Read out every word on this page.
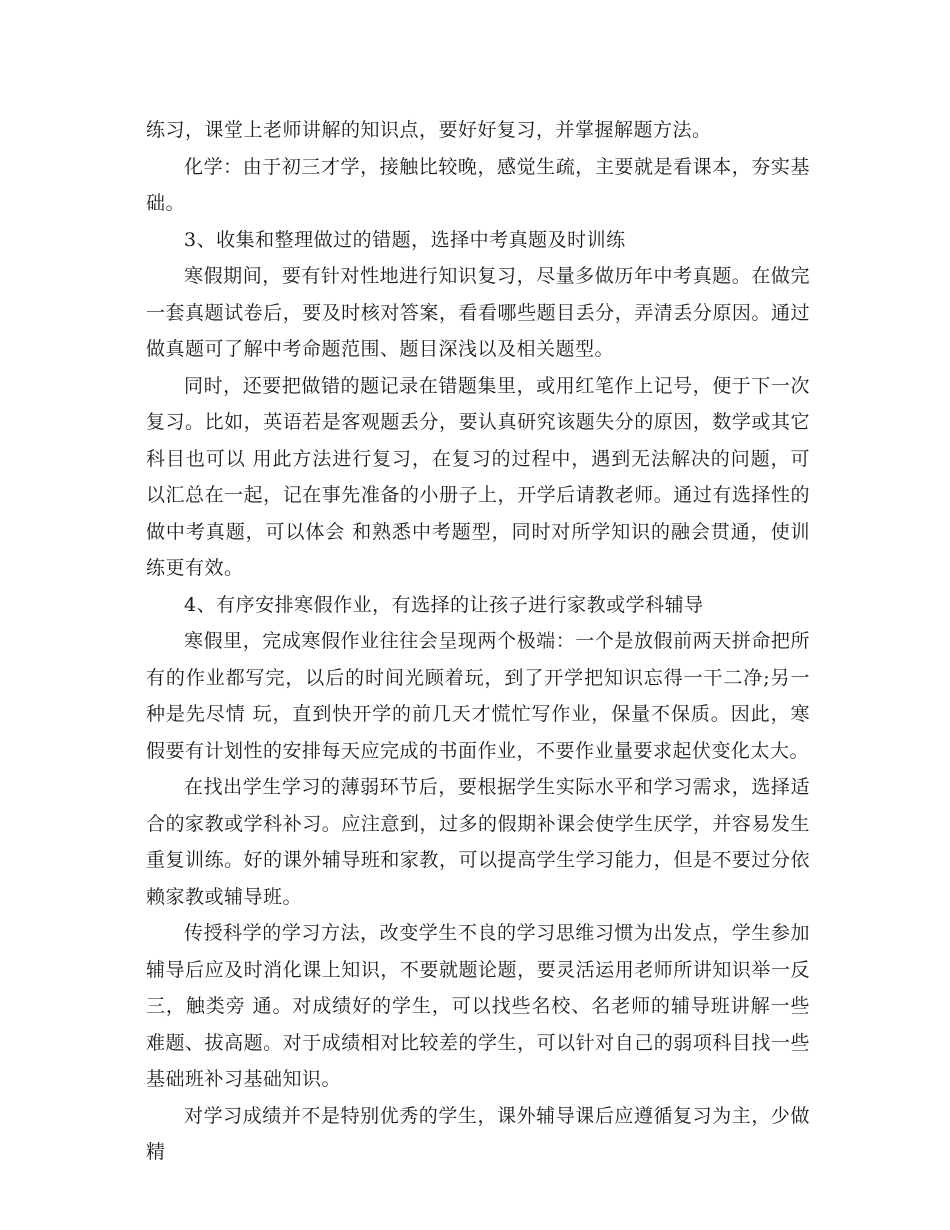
练习，课堂上老师讲解的知识点，要好好复习，并掌握解题方法。

化学：由于初三才学，接触比较晚，感觉生疏，主要就是看课本，夯实基础。

3、收集和整理做过的错题，选择中考真题及时训练

寒假期间，要有针对性地进行知识复习，尽量多做历年中考真题。在做完一套真题试卷后，要及时核对答案，看看哪些题目丢分，弄清丢分原因。通过做真题可了解中考命题范围、题目深浅以及相关题型。

同时，还要把做错的题记录在错题集里，或用红笔作上记号，便于下一次复习。比如，英语若是客观题丢分，要认真研究该题失分的原因，数学或其它科目也可以 用此方法进行复习，在复习的过程中，遇到无法解决的问题，可以汇总在一起，记在事先准备的小册子上，开学后请教老师。通过有选择性的做中考真题，可以体会 和熟悉中考题型，同时对所学知识的融会贯通，使训练更有效。

4、有序安排寒假作业，有选择的让孩子进行家教或学科辅导

寒假里，完成寒假作业往往会呈现两个极端：一个是放假前两天拼命把所有的作业都写完，以后的时间光顾着玩，到了开学把知识忘得一干二净;另一种是先尽情 玩，直到快开学的前几天才慌忙写作业，保量不保质。因此，寒假要有计划性的安排每天应完成的书面作业，不要作业量要求起伏变化太大。

在找出学生学习的薄弱环节后，要根据学生实际水平和学习需求，选择适合的家教或学科补习。应注意到，过多的假期补课会使学生厌学，并容易发生重复训练。好的课外辅导班和家教，可以提高学生学习能力，但是不要过分依赖家教或辅导班。

传授科学的学习方法，改变学生不良的学习思维习惯为出发点，学生参加辅导后应及时消化课上知识，不要就题论题，要灵活运用老师所讲知识举一反三，触类旁 通。对成绩好的学生，可以找些名校、名老师的辅导班讲解一些难题、拔高题。对于成绩相对比较差的学生，可以针对自己的弱项科目找一些基础班补习基础知识。

对学习成绩并不是特别优秀的学生，课外辅导课后应遵循复习为主，少做精
